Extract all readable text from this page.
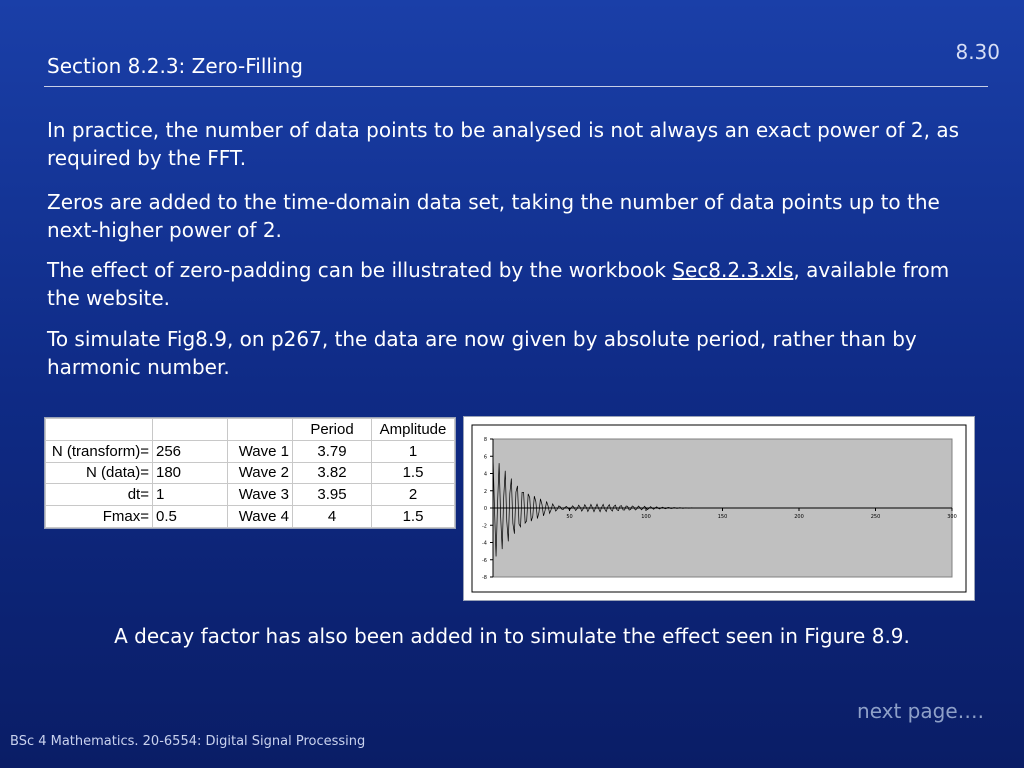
8.30
Section 8.2.3: Zero-Filling

In practice, the number of data points to be analysed is not always an exact power of 2, as required by the FFT.

Zeros are added to the time-domain data set, taking the number of data points up to the next-higher power of 2.

The effect of zero-padding can be illustrated by the workbook Sec8.2.3.xls, available from the website.

To simulate Fig8.9, on p267, the data are now given by absolute period, rather than by harmonic number.

			Period	Amplitude
N (transform)=	256	Wave 1	3.79	1
N (data)=	180	Wave 2	3.82	1.5
dt=	1	Wave 3	3.95	2
Fmax=	0.5	Wave 4	4	1.5
8
6
4
2
0
-2
-4
-6
-8
50	100	150	200	250	300
A decay factor has also been added in to simulate the effect seen in Figure 8.9.
next page….
BSc 4 Mathematics. 20-6554: Digital Signal Processing
